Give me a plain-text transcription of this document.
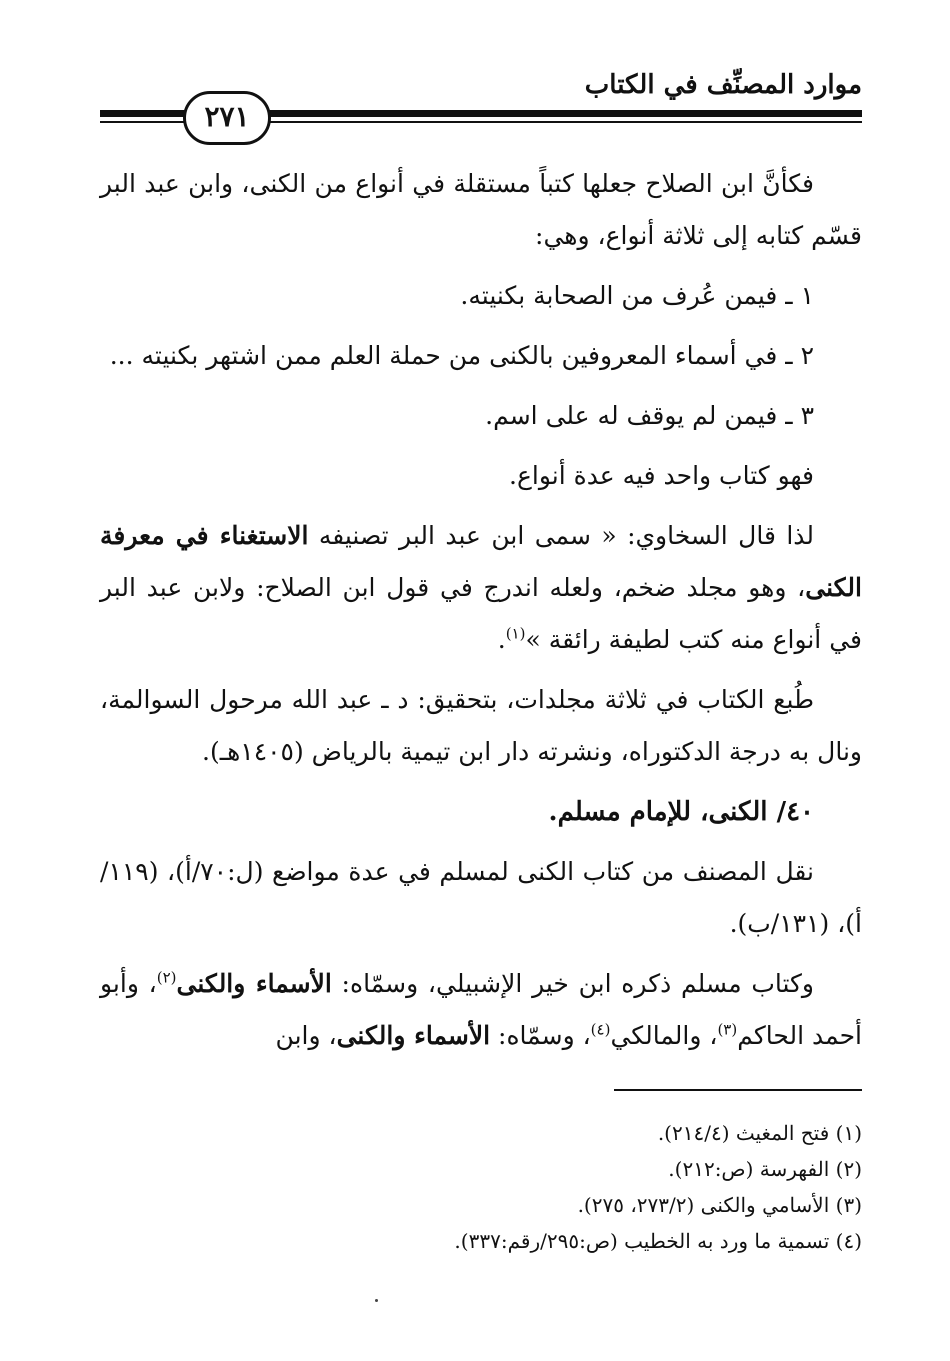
موارد المصنِّف في الكتاب
٢٧١

فكأنَّ ابن الصلاح جعلها كتباً مستقلة في أنواع من الكنى، وابن عبد البر قسّم كتابه إلى ثلاثة أنواع، وهي:

١ ـ فيمن عُرف من الصحابة بكنيته.

٢ ـ في أسماء المعروفين بالكنى من حملة العلم ممن اشتهر بكنيته ...

٣ ـ فيمن لم يوقف له على اسم.

فهو كتاب واحد فيه عدة أنواع.

لذا قال السخاوي: « سمى ابن عبد البر تصنيفه الاستغناء في معرفة الكنى، وهو مجلد ضخم، ولعله اندرج في قول ابن الصلاح: ولابن عبد البر في أنواع منه كتب لطيفة رائقة »$^{(١)}$.

طُبع الكتاب في ثلاثة مجلدات، بتحقيق: د ـ عبد الله مرحول السوالمة، ونال به درجة الدكتوراه، ونشرته دار ابن تيمية بالرياض (١٤٠٥هـ).

٤٠/ الكنى، للإمام مسلم.

نقل المصنف من كتاب الكنى لمسلم في عدة مواضع (ل:٧٠/أ)، (١١٩/أ)، (١٣١/ب).

وكتاب مسلم ذكره ابن خير الإشبيلي، وسمّاه: الأسماء والكنى$^{(٢)}$، وأبو أحمد الحاكم$^{(٣)}$، والمالكي$^{(٤)}$، وسمّاه: الأسماء والكنى، وابن

(١) فتح المغيث (٢١٤/٤).

(٢) الفهرسة (ص:٢١٢).

(٣) الأسامي والكنى (٢٧٣/٢، ٢٧٥).

(٤) تسمية ما ورد به الخطيب (ص:٢٩٥/رقم:٣٣٧).
